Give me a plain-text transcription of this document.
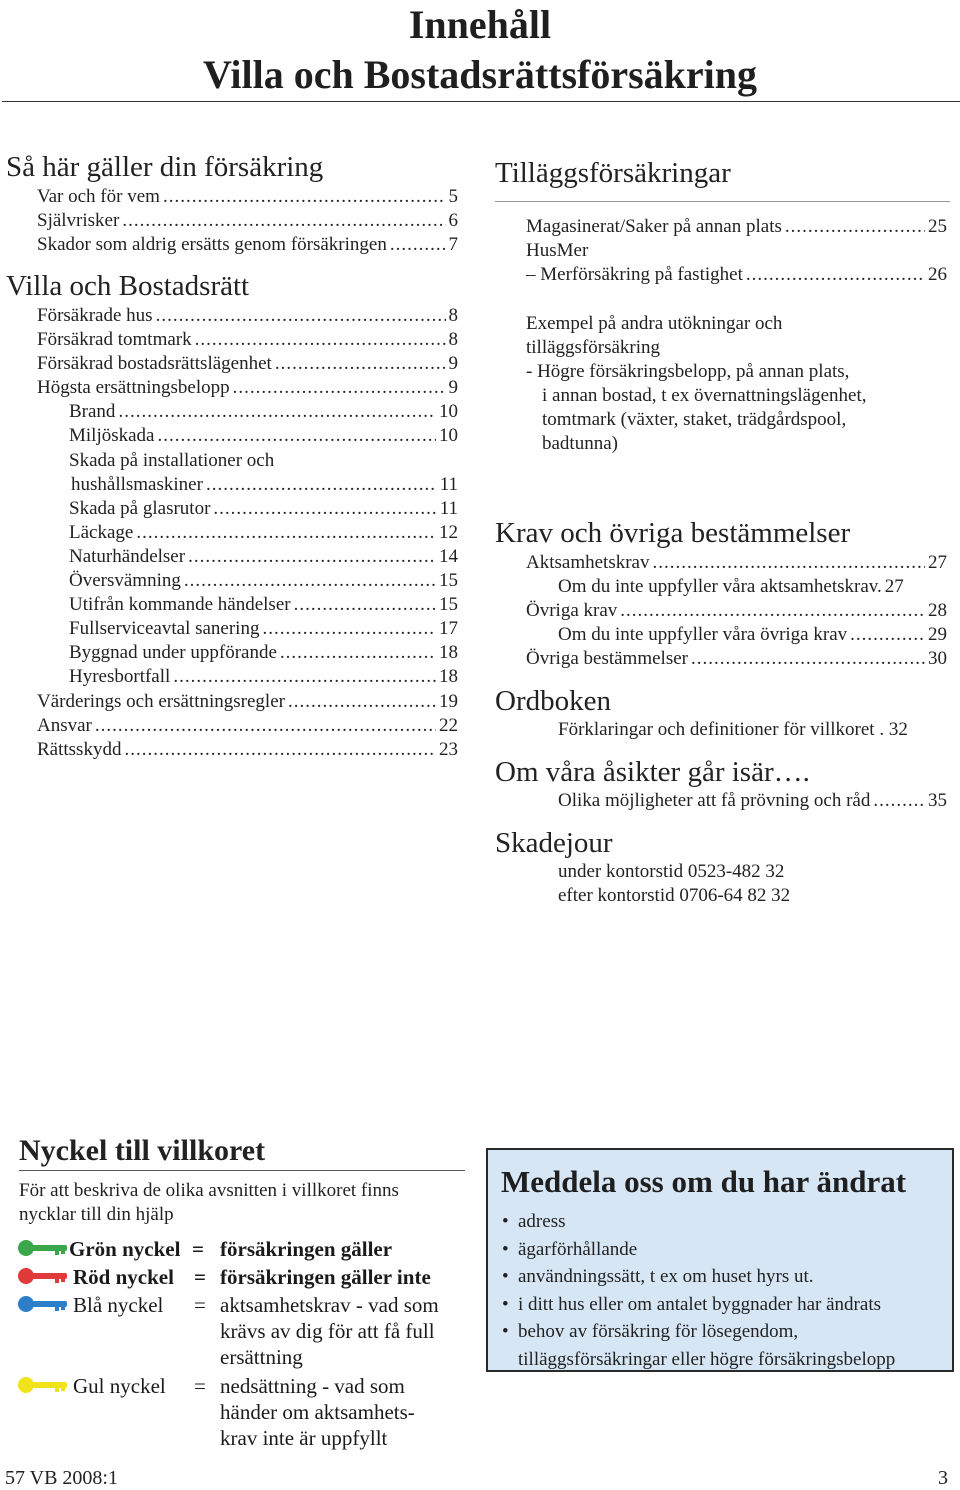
Innehåll
Villa och Bostadsrättsförsäkring
Så här gäller din försäkring
Var och för vem .....	5
Självrisker .....	6
Skador som aldrig ersätts genom försäkringen .....	7
Villa och Bostadsrätt
Försäkrade hus .....	8
Försäkrad tomtmark .....	8
Försäkrad bostadsrättslägenhet .....	9
Högsta ersättningsbelopp .....	9
Brand .....	10
Miljöskada .....	10
Skada på installationer och
hushållsmaskiner .....	11
Skada på glasrutor .....	11
Läckage .....	12
Naturhändelser .....	14
Översvämning .....	15
Utifrån kommande händelser .....	15
Fullserviceavtal sanering .....	17
Byggnad under uppförande .....	18
Hyresbortfall .....	18
Värderings och ersättningsregler .....	19
Ansvar .....	22
Rättsskydd .....	23
Tilläggsförsäkringar
Magasinerat/Saker på annan plats .....	25
HusMer
– Merförsäkring på fastighet .....	26
Exempel på andra utökningar och
tilläggsförsäkring
- Högre försäkringsbelopp, på annan plats,
i annan bostad, t ex övernattningslägenhet,
tomtmark (växter, staket, trädgårdspool,
badtunna)
Krav och övriga bestämmelser
Aktsamhetskrav .....	27
Om du inte uppfyller våra aktsamhetskrav. 27
Övriga krav .....	28
Om du inte uppfyller våra övriga krav .....	29
Övriga bestämmelser .....	30
Ordboken
Förklaringar och definitioner för villkoret . 32
Om våra åsikter går isär….
Olika möjligheter att få prövning och råd .....	35
Skadejour
under kontorstid 0523-482 32
efter kontorstid 0706-64 82 32
Nyckel till villkoret
För att beskriva de olika avsnitten i villkoret finns
nycklar till din hjälp
Grön nyckel = försäkringen gäller
Röd nyckel = försäkringen gäller inte
Blå nyckel = aktsamhetskrav - vad som
krävs av dig för att få full
ersättning
Gul nyckel = nedsättning - vad som
händer om aktsamhets-
krav inte är uppfyllt
Meddela oss om du har ändrat
• adress
• ägarförhållande
• användningssätt, t ex om huset hyrs ut.
• i ditt hus eller om antalet byggnader har ändrats
• behov av försäkring för lösegendom,
tilläggsförsäkringar eller högre försäkringsbelopp
57 VB 2008:1	3
